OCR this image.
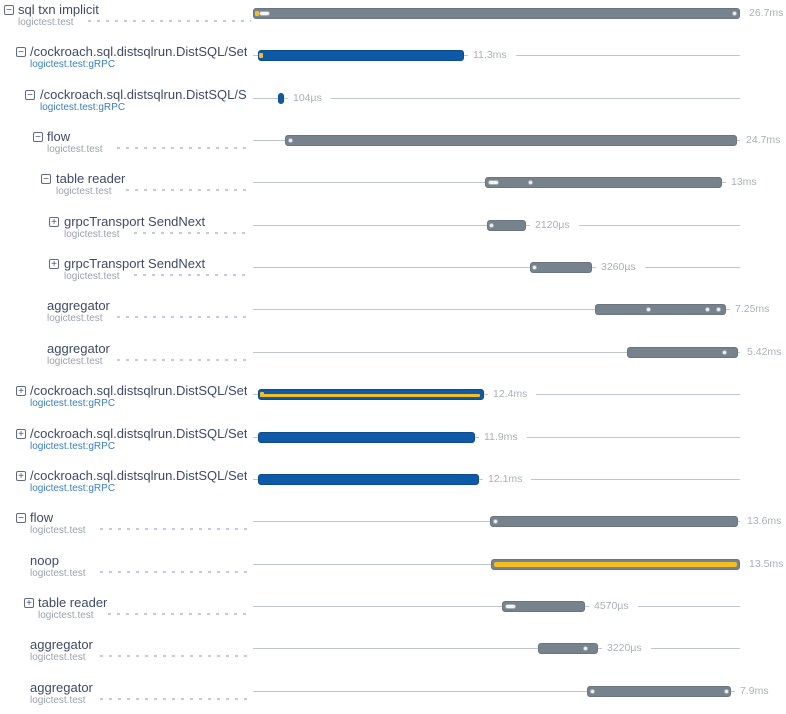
− sql txn implicit
logictest.test
26.7ms
− /cockroach.sql.distsqlrun.DistSQL/Set
logictest.test:gRPC
11.3ms
− /cockroach.sql.distsqlrun.DistSQL/S
logictest.test:gRPC
104µs
− flow
logictest.test
24.7ms
− table reader
logictest.test
13ms
+ grpcTransport SendNext
logictest.test
2120µs
+ grpcTransport SendNext
logictest.test
3260µs
aggregator
logictest.test
7.25ms
aggregator
logictest.test
5.42ms
+ /cockroach.sql.distsqlrun.DistSQL/Set
logictest.test:gRPC
12.4ms
+ /cockroach.sql.distsqlrun.DistSQL/Set
logictest.test:gRPC
11.9ms
+ /cockroach.sql.distsqlrun.DistSQL/Set
logictest.test:gRPC
12.1ms
− flow
logictest.test
13.6ms
noop
logictest.test
13.5ms
+ table reader
logictest.test
4570µs
aggregator
logictest.test
3220µs
aggregator
logictest.test
7.9ms
